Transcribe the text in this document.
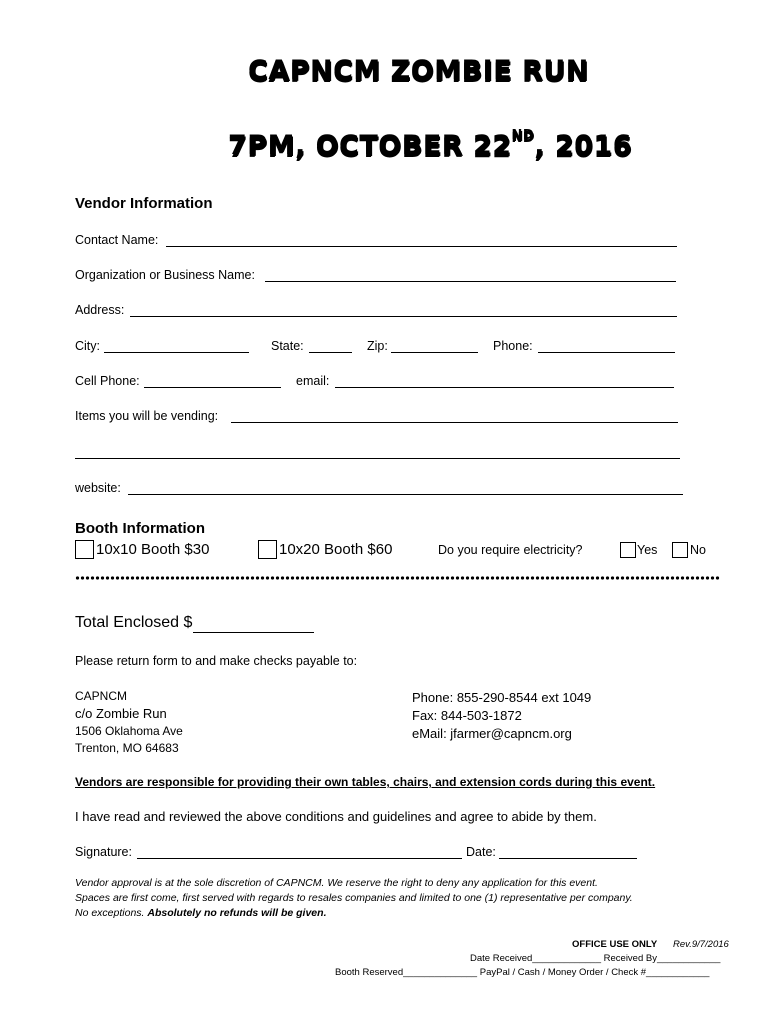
CAPNCM ZOMBIE RUN
7PM, OCTOBER 22ND, 2016
Vendor Information
Contact Name:
Organization or Business Name:
Address:
City:	State:	Zip:	Phone:
Cell Phone:	email:
Items you will be vending:
website:
Booth Information
10x10 Booth $30	10x20 Booth $60	Do you require electricity?	Yes	No
Total Enclosed $
Please return form to and make checks payable to:
CAPNCM
c/o Zombie Run
1506 Oklahoma Ave
Trenton, MO 64683
Phone: 855-290-8544 ext 1049
Fax: 844-503-1872
eMail: jfarmer@capncm.org
Vendors are responsible for providing their own tables, chairs, and extension cords during this event.
I have read and reviewed the above conditions and guidelines and agree to abide by them.
Signature:	Date:
Vendor approval is at the sole discretion of CAPNCM. We reserve the right to deny any application for this event.
Spaces are first come, first served with regards to resales companies and limited to one (1) representative per company.
No exceptions. Absolutely no refunds will be given.
OFFICE USE ONLY Rev.9/7/2016
Date Received_____________ Received By____________
Booth Reserved______________ PayPal / Cash / Money Order / Check #____________
